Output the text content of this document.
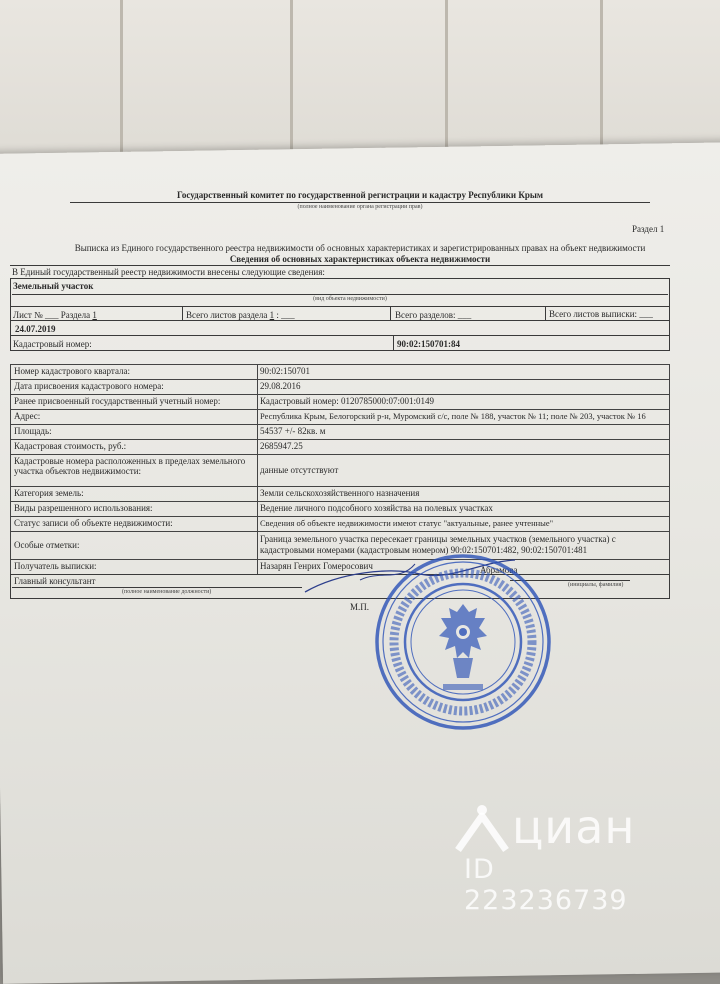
Государственный комитет по государственной регистрации и кадастру Республики Крым
(полное наименование органа регистрации прав)
Раздел 1
Выписка из Единого государственного реестра недвижимости об основных характеристиках и зарегистрированных правах на объект недвижимости
Сведения об основных характеристиках объекта недвижимости
В Единый государственный реестр недвижимости внесены следующие сведения:
Земельный участок
(вид объекта недвижимости)
Лист № ___ Раздела 1	Всего листов раздела 1 : ___	Всего разделов: ___	Всего листов выписки: ___
24.07.2019
Кадастровый номер:	90:02:150701:84
Номер кадастрового квартала:	90:02:150701
Дата присвоения кадастрового номера:	29.08.2016
Ранее присвоенный государственный учетный номер:	Кадастровый номер: 0120785000:07:001:0149
Адрес:	Республика Крым, Белогорский р-н, Муромский с/с, поле № 188, участок № 11; поле № 203, участок № 16
Площадь:	54537 +/- 82кв. м
Кадастровая стоимость, руб.:	2685947.25
Кадастровые номера расположенных в пределах земельного участка объектов недвижимости:	данные отсутствуют
Категория земель:	Земли сельскохозяйственного назначения
Виды разрешенного использования:	Ведение личного подсобного хозяйства на полевых участках
Статус записи об объекте недвижимости:	Сведения об объекте недвижимости имеют статус "актуальные, ранее учтенные"
Особые отметки:
Граница земельного участка пересекает границы земельных участков (земельного участка) с кадастровыми номерами (кадастровым номером) 90:02:150701:482, 90:02:150701:481
Получатель выписки:	Назарян Генрих Гомеросович
Главный консультант
(полное наименование должности)
Абрамова
(инициалы, фамилия)
М.П.
циан
ID 223236739
